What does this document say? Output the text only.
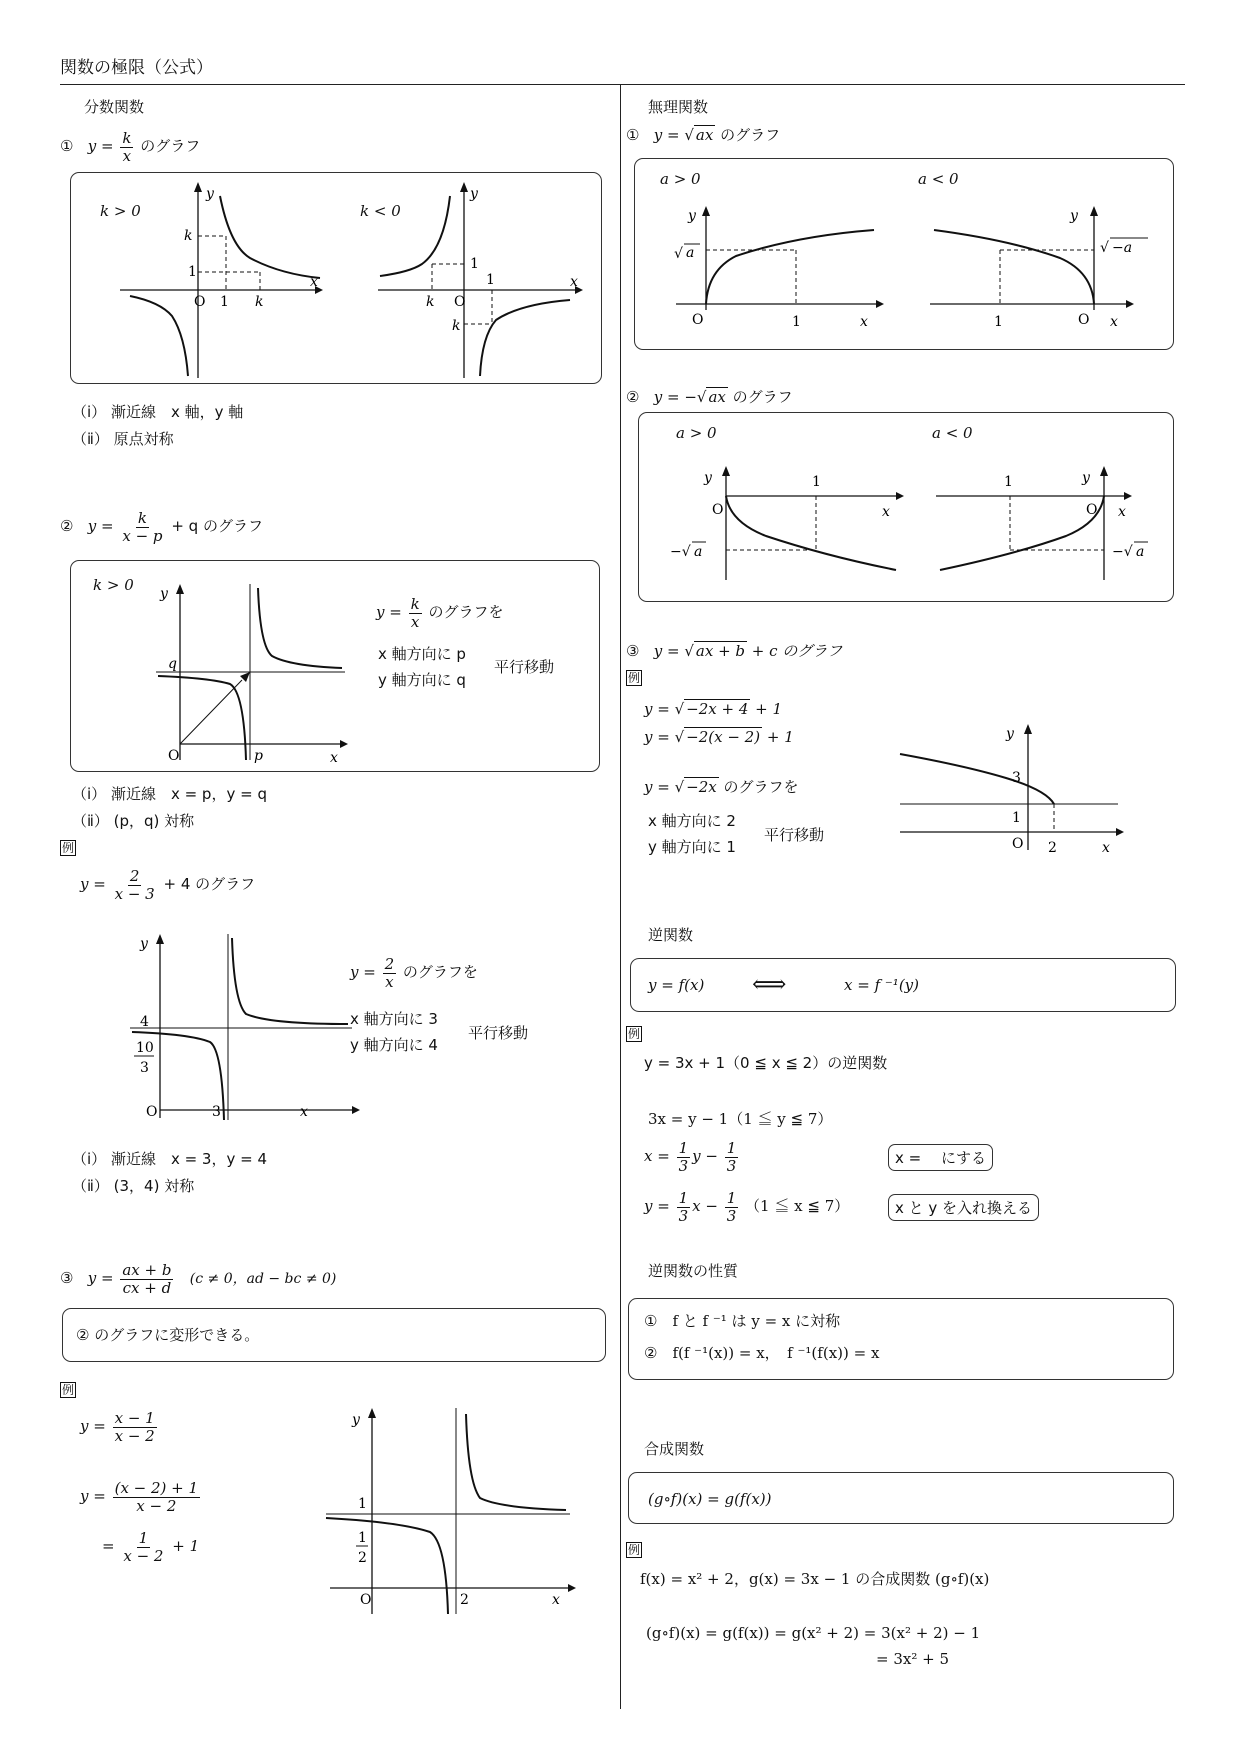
関数の極限（公式）
分数関数
① $y = \frac{k}{x}$ のグラフ
k > 0	k < 0
y
x
O
k
1
1 k
y
x
O
k
1
1
k
（ⅰ） 漸近線　x 軸，y 軸
（ⅱ） 原点対称
② $y = \frac{k}{x - p} + q$ のグラフ
k > 0 y
x
O
q
p
$y = \frac{k}{x}$ のグラフを
x 軸方向に p
y 軸方向に q
平行移動
（ⅰ） 漸近線　x = p，y = q
（ⅱ） (p，q) 対称
例
$y = \frac{2}{x - 3} + 4$ のグラフ
y
x
O
4
10
3
3
$y = \frac{2}{x}$ のグラフを
x 軸方向に 3
y 軸方向に 4
平行移動
（ⅰ） 漸近線　x = 3，y = 4
（ⅱ） (3，4) 対称
③ $y = \frac{ax + b}{cx + d} (c \ne 0$，ad − bc ≠ 0)
② のグラフに変形できる。
例
$y = \frac{x - 1}{x - 2}$
$y = \frac{(x - 2) + 1}{x - 2}$
= $\frac{1}{x - 2} + 1$
y
x
O
1
1
2
2
無理関数
① y = √ ax のグラフ
a > 0	a < 0
y
x
O	1
√ a
y
x
O
1
√ −a
② y = −√ ax のグラフ
a > 0	a < 0
y
x
O
1
−√ a
y
x
O
1
−√ a
③ y = √ ax + b + c のグラフ
例
y = √ −2x + 4 + 1
y = √ −2(x − 2) + 1
y = √ −2x のグラフを
x 軸方向に 2
y 軸方向に 1
平行移動
y
x
O
3
1
2
逆関数
y = f(x) ⟺	x = f ⁻¹(y)
例
y = 3x + 1（0 ≦ x ≦ 2）の逆関数
3x = y − 1（1 ≦ y ≦ 7）
$x = \frac{1}{3}$ $y - \frac{1}{3}$
$y = \frac{1}{3}$ $x - \frac{1}{3} (1$ ≦ x ≦ 7）
x = 　にする
x と y を入れ換える
逆関数の性質
①　f と f ⁻¹ は y = x に対称
②　f(f ⁻¹(x)) = x，　f ⁻¹(f(x)) = x
合成関数
(g∘f)(x) = g(f(x))
例
f(x) = x² + 2，g(x) = 3x − 1 の合成関数 (g∘f)(x)
(g∘f)(x) = g(f(x)) = g(x² + 2) = 3(x² + 2) − 1
= 3x² + 5
